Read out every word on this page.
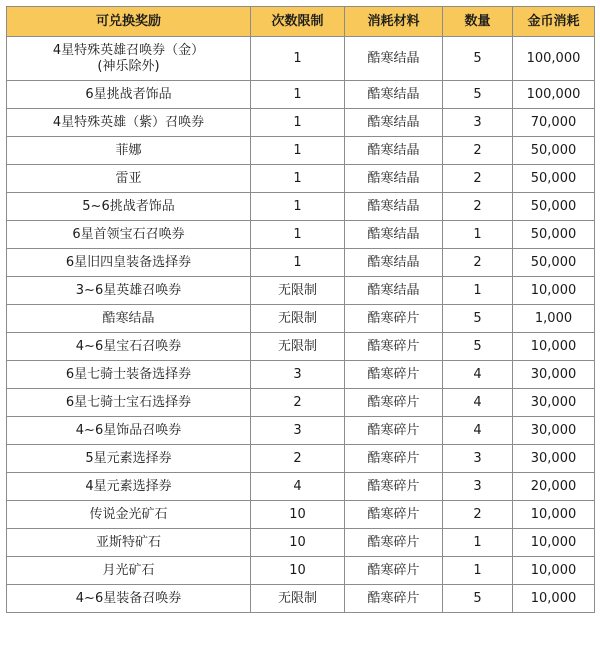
可兑换奖励	次数限制	消耗材料	数量	金币消耗
4星特殊英雄召唤券（金）
(神乐除外)	1	酷寒结晶	5	100,000
6星挑战者饰品	1	酷寒结晶	5	100,000
4星特殊英雄（紫）召唤券	1	酷寒结晶	3	70,000
菲娜	1	酷寒结晶	2	50,000
雷亚	1	酷寒结晶	2	50,000
5~6挑战者饰品	1	酷寒结晶	2	50,000
6星首领宝石召唤券	1	酷寒结晶	1	50,000
6星旧四皇装备选择券	1	酷寒结晶	2	50,000
3~6星英雄召唤券	无限制	酷寒结晶	1	10,000
酷寒结晶	无限制	酷寒碎片	5	1,000
4~6星宝石召唤券	无限制	酷寒碎片	5	10,000
6星七骑士装备选择券	3	酷寒碎片	4	30,000
6星七骑士宝石选择券	2	酷寒碎片	4	30,000
4~6星饰品召唤券	3	酷寒碎片	4	30,000
5星元素选择券	2	酷寒碎片	3	30,000
4星元素选择券	4	酷寒碎片	3	20,000
传说金光矿石	10	酷寒碎片	2	10,000
亚斯特矿石	10	酷寒碎片	1	10,000
月光矿石	10	酷寒碎片	1	10,000
4~6星装备召唤券	无限制	酷寒碎片	5	10,000
